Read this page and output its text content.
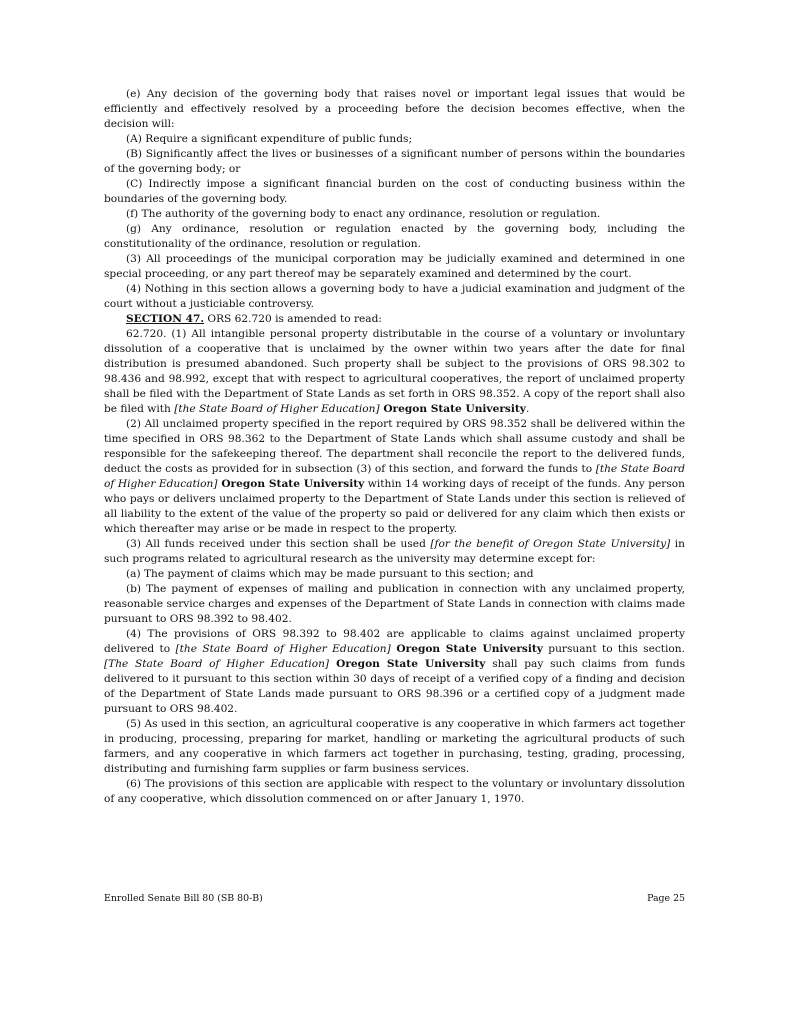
(e) Any decision of the governing body that raises novel or important legal issues that would be efficiently and effectively resolved by a proceeding before the decision becomes effective, when the decision will:

(A) Require a significant expenditure of public funds;

(B) Significantly affect the lives or businesses of a significant number of persons within the boundaries of the governing body; or

(C) Indirectly impose a significant financial burden on the cost of conducting business within the boundaries of the governing body.

(f) The authority of the governing body to enact any ordinance, resolution or regulation.

(g) Any ordinance, resolution or regulation enacted by the governing body, including the constitutionality of the ordinance, resolution or regulation.

(3) All proceedings of the municipal corporation may be judicially examined and determined in one special proceeding, or any part thereof may be separately examined and determined by the court.

(4) Nothing in this section allows a governing body to have a judicial examination and judgment of the court without a justiciable controversy.

SECTION 47. ORS 62.720 is amended to read:

62.720. (1) All intangible personal property distributable in the course of a voluntary or involuntary dissolution of a cooperative that is unclaimed by the owner within two years after the date for final distribution is presumed abandoned. Such property shall be subject to the provisions of ORS 98.302 to 98.436 and 98.992, except that with respect to agricultural cooperatives, the report of unclaimed property shall be filed with the Department of State Lands as set forth in ORS 98.352. A copy of the report shall also be filed with [the State Board of Higher Education] Oregon State University.

(2) All unclaimed property specified in the report required by ORS 98.352 shall be delivered within the time specified in ORS 98.362 to the Department of State Lands which shall assume custody and shall be responsible for the safekeeping thereof. The department shall reconcile the report to the delivered funds, deduct the costs as provided for in subsection (3) of this section, and forward the funds to [the State Board of Higher Education] Oregon State University within 14 working days of receipt of the funds. Any person who pays or delivers unclaimed property to the Department of State Lands under this section is relieved of all liability to the extent of the value of the property so paid or delivered for any claim which then exists or which thereafter may arise or be made in respect to the property.

(3) All funds received under this section shall be used [for the benefit of Oregon State University] in such programs related to agricultural research as the university may determine except for:

(a) The payment of claims which may be made pursuant to this section; and

(b) The payment of expenses of mailing and publication in connection with any unclaimed property, reasonable service charges and expenses of the Department of State Lands in connection with claims made pursuant to ORS 98.392 to 98.402.

(4) The provisions of ORS 98.392 to 98.402 are applicable to claims against unclaimed property delivered to [the State Board of Higher Education] Oregon State University pursuant to this section. [The State Board of Higher Education] Oregon State University shall pay such claims from funds delivered to it pursuant to this section within 30 days of receipt of a verified copy of a finding and decision of the Department of State Lands made pursuant to ORS 98.396 or a certified copy of a judgment made pursuant to ORS 98.402.

(5) As used in this section, an agricultural cooperative is any cooperative in which farmers act together in producing, processing, preparing for market, handling or marketing the agricultural products of such farmers, and any cooperative in which farmers act together in purchasing, testing, grading, processing, distributing and furnishing farm supplies or farm business services.

(6) The provisions of this section are applicable with respect to the voluntary or involuntary dissolution of any cooperative, which dissolution commenced on or after January 1, 1970.

Enrolled Senate Bill 80 (SB 80-B)	Page 25
